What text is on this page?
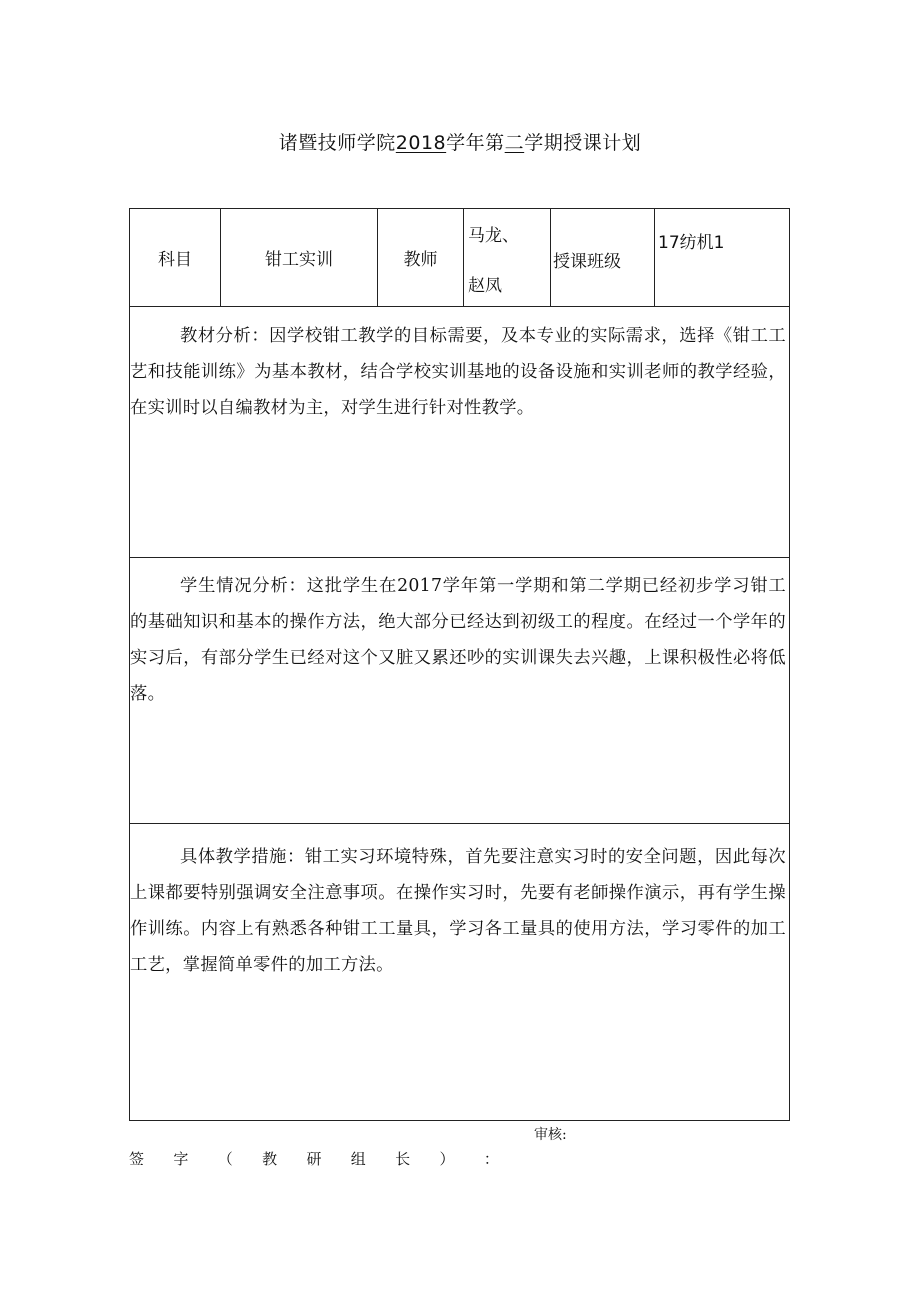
诸暨技师学院2018学年第二学期授课计划
科目	钳工实训	教师
马龙、
赵凤
授课班级
17纺机1

教材分析：因学校钳工教学的目标需要，及本专业的实际需求，选择《钳工工艺和技能训练》为基本教材，结合学校实训基地的设备设施和实训老师的教学经验，在实训时以自编教材为主，对学生进行针对性教学。

学生情况分析：这批学生在2017学年第一学期和第二学期已经初步学习钳工的基础知识和基本的操作方法，绝大部分已经达到初级工的程度。在经过一个学年的实习后，有部分学生已经对这个又脏又累还吵的实训课失去兴趣，上课积极性必将低落。

具体教学措施：钳工实习环境特殊，首先要注意实习时的安全问题，因此每次上课都要特别强调安全注意事项。在操作实习时，先要有老師操作演示，再有学生操作训练。内容上有熟悉各种钳工工量具，学习各工量具的使用方法，学习零件的加工工艺，掌握简单零件的加工方法。

审核:
签 字 （ 教 研 组 长 ） ：
